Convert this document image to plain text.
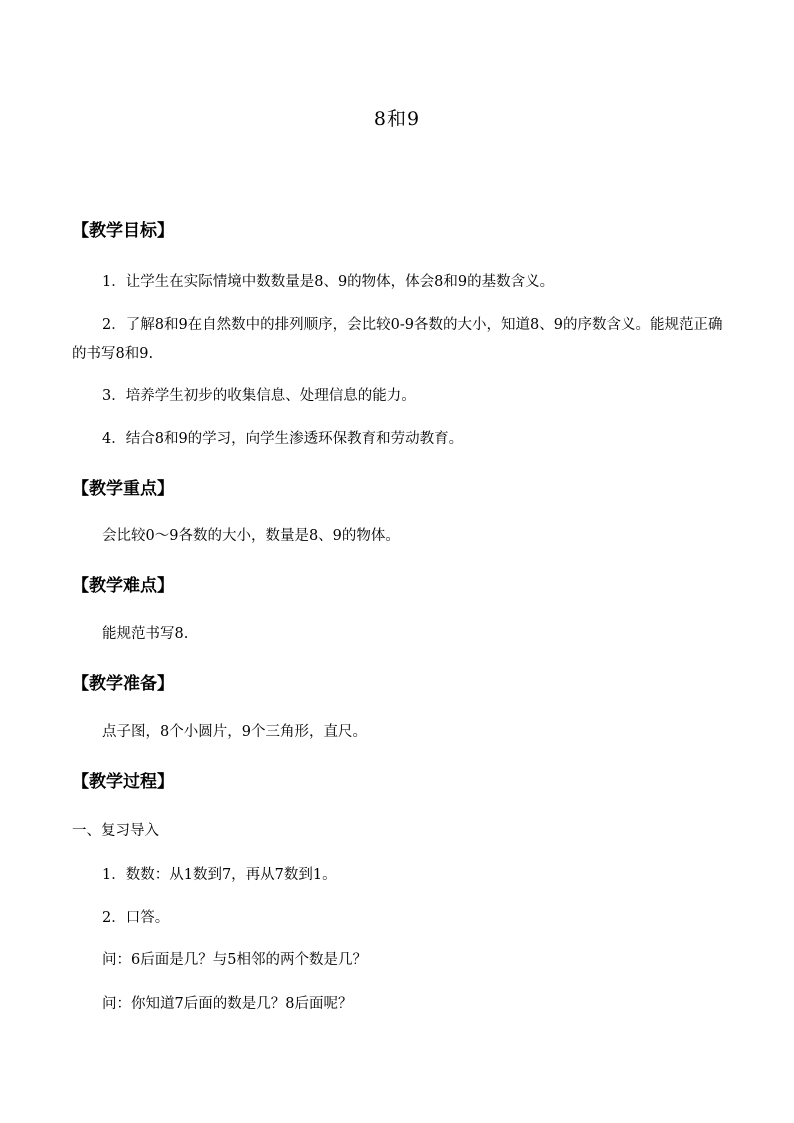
8和9
【教学目标】
1．让学生在实际情境中数数量是8、9的物体，体会8和9的基数含义。
2．了解8和9在自然数中的排列顺序，会比较0-9各数的大小，知道8、9的序数含义。能规范正确的书写8和9.
3．培养学生初步的收集信息、处理信息的能力。
4．结合8和9的学习，向学生渗透环保教育和劳动教育。
【教学重点】
会比较0～9各数的大小，数量是8、9的物体。
【教学难点】
能规范书写8.
【教学准备】
点子图，8个小圆片，9个三角形，直尺。
【教学过程】
一、复习导入
1．数数：从1数到7，再从7数到1。
2．口答。
问：6后面是几？与5相邻的两个数是几？
问：你知道7后面的数是几？8后面呢？
